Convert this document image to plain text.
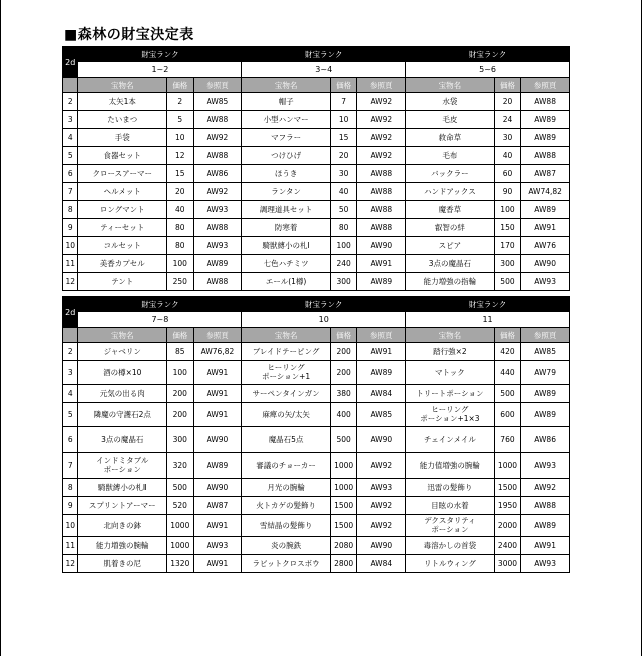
■森林の財宝決定表
2d	財宝ランク			財宝ランク			財宝ランク		
	1~2			3~4			5~6		
	宝物名	価格	参照頁	宝物名	価格	参照頁	宝物名	価格	参照頁
2	太矢1本	2	AW85	帽子	7	AW92	水袋	20	AW88
3	たいまつ	5	AW88	小型ハンマー	10	AW92	毛皮	24	AW89
4	手袋	10	AW92	マフラー	15	AW92	救命草	30	AW89
5	食器セット	12	AW88	つけひげ	20	AW92	毛布	40	AW88
6	クロースアーマー	15	AW86	ほうき	30	AW88	バックラー	60	AW87
7	ヘルメット	20	AW92	ランタン	40	AW88	ハンドアックス	90	AW74,82
8	ロングマント	40	AW93	調理道具セット	50	AW88	魔香草	100	AW89
9	ティーセット	80	AW88	防寒着	80	AW88	叡智の絆	150	AW91
10	コルセット	80	AW93	騎獣縛小の札Ⅰ	100	AW90	スピア	170	AW76
11	美香カプセル	100	AW89	七色ハチミツ	240	AW91	3点の魔晶石	300	AW90
12	テント	250	AW88	エール(1樽)	300	AW89	能力増強の指輪	500	AW93
2d	財宝ランク			財宝ランク			財宝ランク		
	7~8			10			11		
	宝物名	価格	参照頁	宝物名	価格	参照頁	宝物名	価格	参照頁
2	ジャベリン	85	AW76,82	ブレイドテーピング	200	AW91	踏行強×2	420	AW85
3	酒の樽×10	100	AW91	ヒーリング
ポーション+1	200	AW89	マトック	440	AW79
4	元気の出る肉	200	AW91	サーペンタインガン	380	AW84	トリートポーション	500	AW89
5	隣魔の守護石2点	200	AW91	麻痺の矢/太矢	400	AW85	ヒーリング
ポーション+1×3	600	AW89
6	3点の魔晶石	300	AW90	魔晶石5点	500	AW90	チェインメイル	760	AW86
7	インドミタブル
ポーション	320	AW89	審議のチョーカー	1000	AW92	能力值増強の腕輪	1000	AW93
8	騎獣縛小の札Ⅱ	500	AW90	月光の腕輪	1000	AW93	迅雷の髪飾り	1500	AW92
9	スプリントアーマー	520	AW87	火トカゲの髪飾り	1500	AW92	目眩の水着	1950	AW88
10	北向きの鉢	1000	AW91	雪結晶の髪飾り	1500	AW92	デクスタリティ
ポーション	2000	AW89
11	能力増強の腕輪	1000	AW93	炎の腕鉄	2080	AW90	毒溶かしの首袋	2400	AW91
12	肌着きの尼	1320	AW91	ラビットクロスボウ	2800	AW84	リトルウィング	3000	AW93
